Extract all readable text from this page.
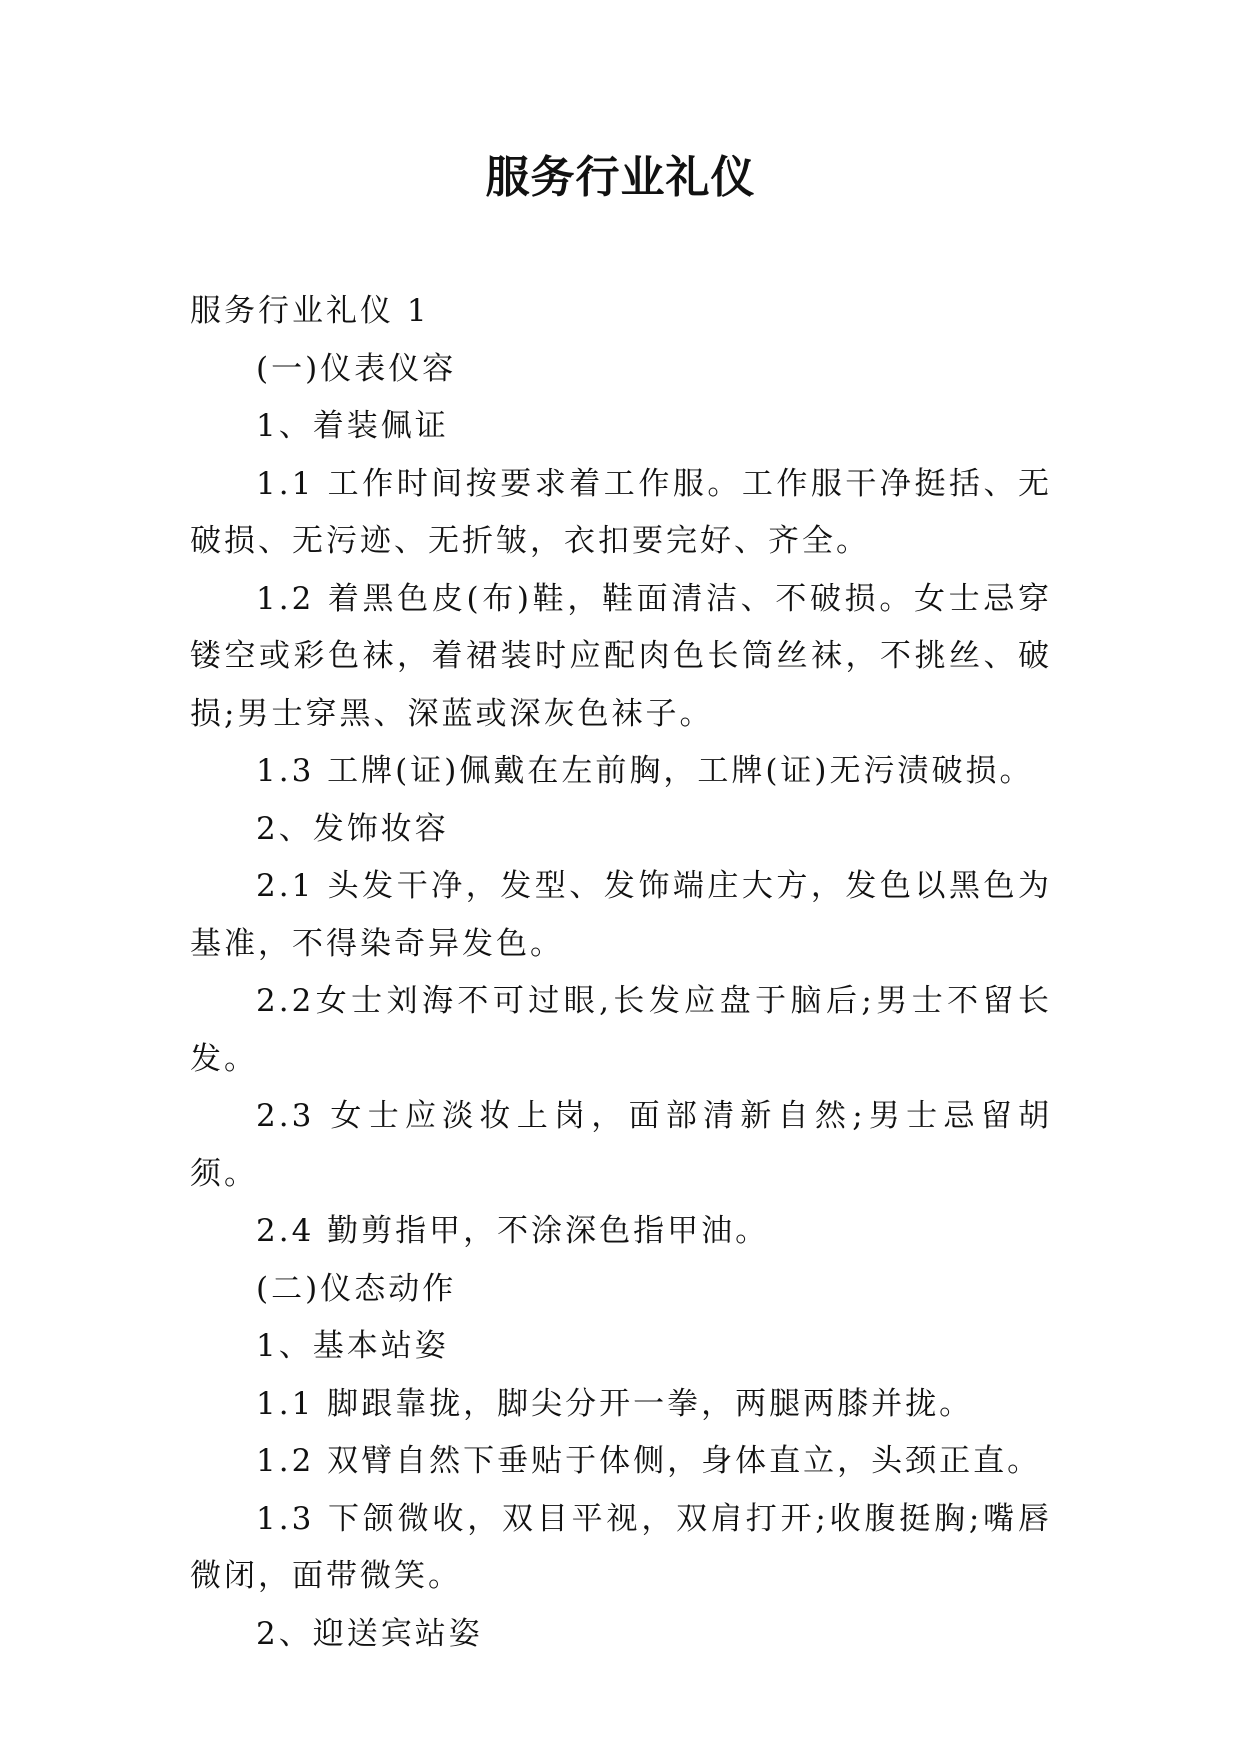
服务行业礼仪

服务行业礼仪 1

(一)仪表仪容

1、着装佩证

1.1 工作时间按要求着工作服。工作服干净挺括、无破损、无污迹、无折皱，衣扣要完好、齐全。

1.2 着黑色皮(布)鞋，鞋面清洁、不破损。女士忌穿镂空或彩色袜，着裙装时应配肉色长筒丝袜，不挑丝、破损;男士穿黑、深蓝或深灰色袜子。

1.3 工牌(证)佩戴在左前胸，工牌(证)无污渍破损。

2、发饰妆容

2.1 头发干净，发型、发饰端庄大方，发色以黑色为基准，不得染奇异发色。

2.2女士刘海不可过眼,长发应盘于脑后;男士不留长发。

2.3 女士应淡妆上岗，面部清新自然;男士忌留胡须。

2.4 勤剪指甲，不涂深色指甲油。

(二)仪态动作

1、基本站姿

1.1 脚跟靠拢，脚尖分开一拳，两腿两膝并拢。

1.2 双臂自然下垂贴于体侧，身体直立，头颈正直。

1.3 下颌微收，双目平视，双肩打开;收腹挺胸;嘴唇微闭，面带微笑。

2、迎送宾站姿
